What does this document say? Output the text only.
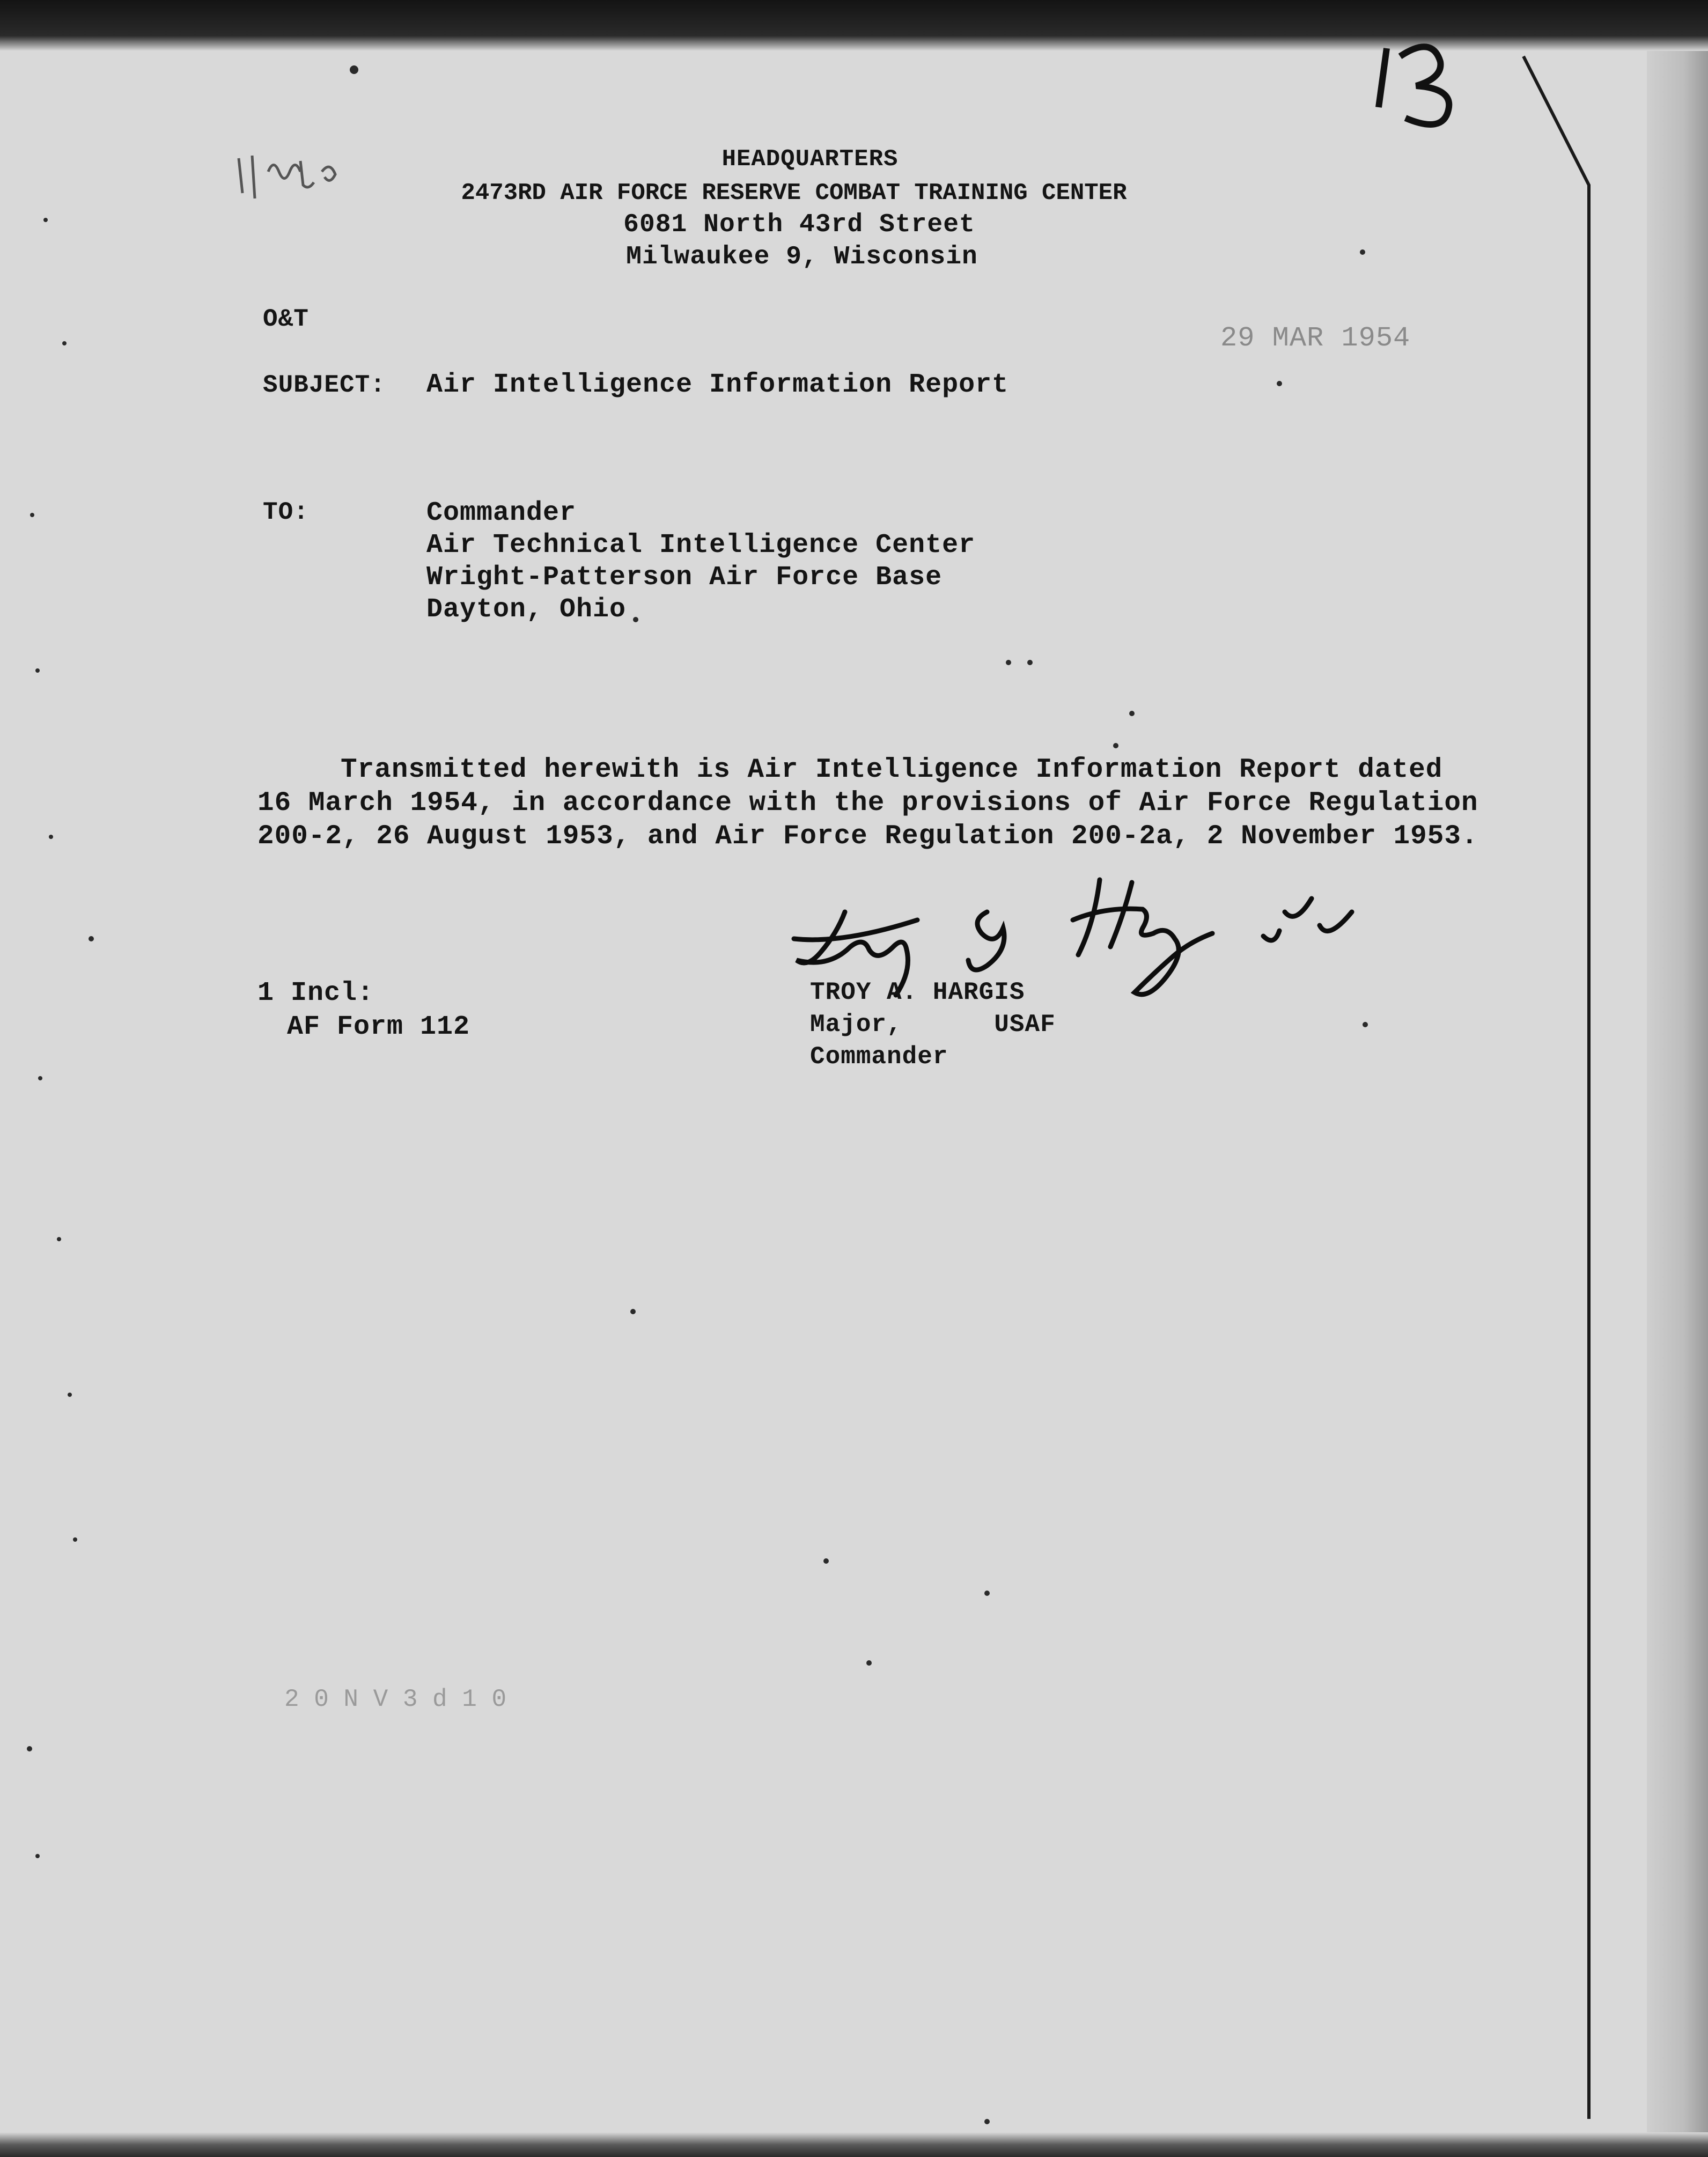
2 0 N V 3 d 1 0
29 MAR 1954
HEADQUARTERS
2473RD AIR FORCE RESERVE COMBAT TRAINING CENTER
6081 North 43rd Street
Milwaukee 9, Wisconsin
O&T
SUBJECT: Air Intelligence Information Report
TO:	Commander
Air Technical Intelligence Center
Wright-Patterson Air Force Base
Dayton, Ohio
Transmitted herewith is Air Intelligence Information Report dated
16 March 1954, in accordance with the provisions of Air Force Regulation
200-2, 26 August 1953, and Air Force Regulation 200-2a, 2 November 1953.
1 Incl:
AF Form 112
TROY A. HARGIS
Major,      USAF
Commander
